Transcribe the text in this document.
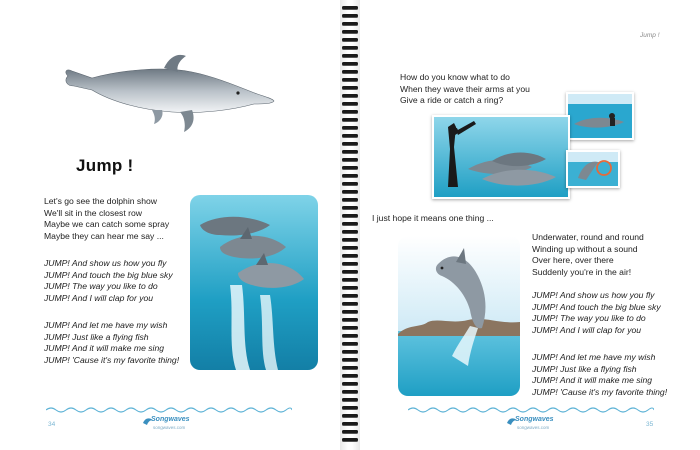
Jump !
Let's go see the dolphin show
We'll sit in the closest row
Maybe we can catch some spray
Maybe they can hear me say ...
JUMP! And show us how you fly
JUMP! And touch the big blue sky
JUMP! The way you like to do
JUMP! And I will clap for you
JUMP! And let me have my wish
JUMP! Just like a flying fish
JUMP! And it will make me sing
JUMP! 'Cause it's my favorite thing!
34
Songwaves
songwaves.com
Jump !
How do you know what to do
When they wave their arms at you
Give a ride or catch a ring?
I just hope it means one thing ...
Underwater, round and round
Winding up without a sound
Over here, over there
Suddenly you're in the air!
JUMP! And show us how you fly
JUMP! And touch the big blue sky
JUMP! The way you like to do
JUMP! And I will clap for you
JUMP! And let me have my wish
JUMP! Just like a flying fish
JUMP! And it will make me sing
JUMP! 'Cause it's my favorite thing!
Songwaves
songwaves.com	35
